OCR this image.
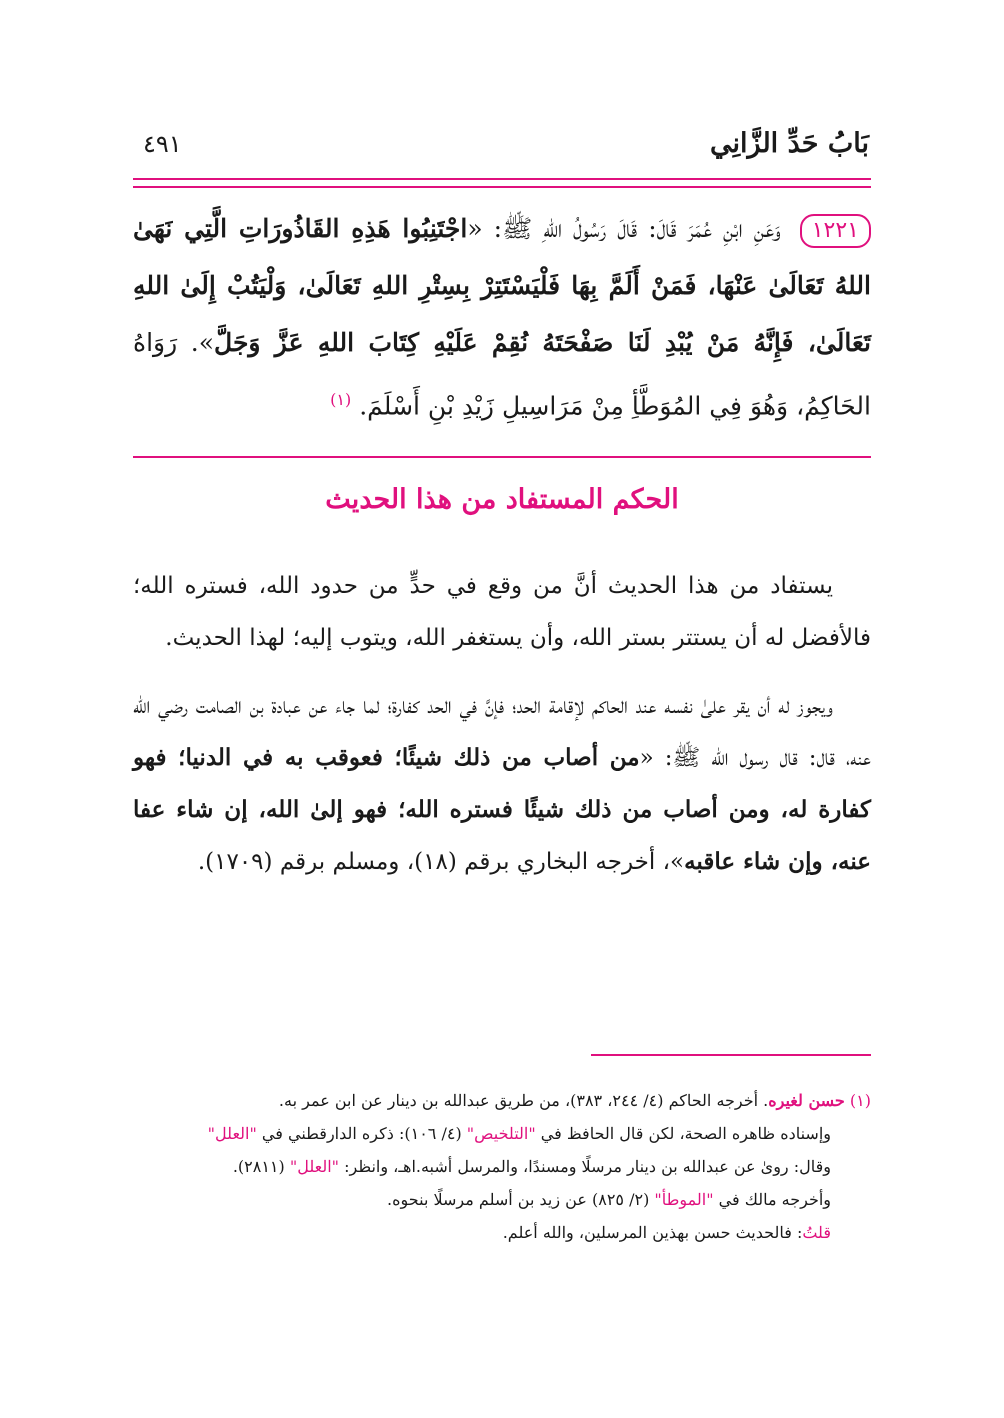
بَابُ حَدِّ الزَّانِي
٤٩١
١٢٢١ وَعَنِ ابْنِ عُمَرَ قَالَ: قَالَ رَسُولُ اللهِ ﷺ: «اجْتَنِبُوا هَذِهِ القَاذُورَاتِ الَّتِي نَهَىٰ اللهُ تَعَالَىٰ عَنْهَا، فَمَنْ أَلَمَّ بِهَا فَلْيَسْتَتِرْ بِسِتْرِ اللهِ تَعَالَىٰ، وَلْيَتُبْ إِلَىٰ اللهِ تَعَالَىٰ، فَإِنَّهُ مَنْ يُبْدِ لَنَا صَفْحَتَهُ نُقِمْ عَلَيْهِ كِتَابَ اللهِ عَزَّ وَجَلَّ». رَوَاهُ الحَاكِمُ، وَهُوَ فِي المُوَطَّأِ مِنْ مَرَاسِيلِ زَيْدِ بْنِ أَسْلَمَ. $^{(١)}$
الحكم المستفاد من هذا الحديث

يستفاد من هذا الحديث أنَّ من وقع في حدٍّ من حدود الله، فستره الله؛ فالأفضل له أن يستتر بستر الله، وأن يستغفر الله، ويتوب إليه؛ لهذا الحديث.

ويجوز له أن يقر علىٰ نفسه عند الحاكم لإقامة الحد؛ فإنَّ في الحد كفارة؛ لما جاء عن عبادة بن الصامت رضي الله عنه، قال: قال رسول الله ﷺ: «من أصاب من ذلك شيئًا؛ فعوقب به في الدنيا؛ فهو كفارة له، ومن أصاب من ذلك شيئًا فستره الله؛ فهو إلىٰ الله، إن شاء عفا عنه، وإن شاء عاقبه»، أخرجه البخاري برقم (١٨)، ومسلم برقم (١٧٠٩).

(١) حسن لغيره. أخرجه الحاكم (٤/ ٢٤٤، ٣٨٣)، من طريق عبدالله بن دينار عن ابن عمر به.
وإسناده ظاهره الصحة، لكن قال الحافظ في "التلخيص" (٤/ ١٠٦): ذكره الدارقطني في "العلل"
وقال: رویٰ عن عبدالله بن دينار مرسلًا ومسندًا، والمرسل أشبه.اهـ، وانظر: "العلل" (٢٨١١).
وأخرجه مالك في "الموطأ" (٢/ ٨٢٥) عن زيد بن أسلم مرسلًا بنحوه.
قلتُ: فالحديث حسن بهذين المرسلين، والله أعلم.
